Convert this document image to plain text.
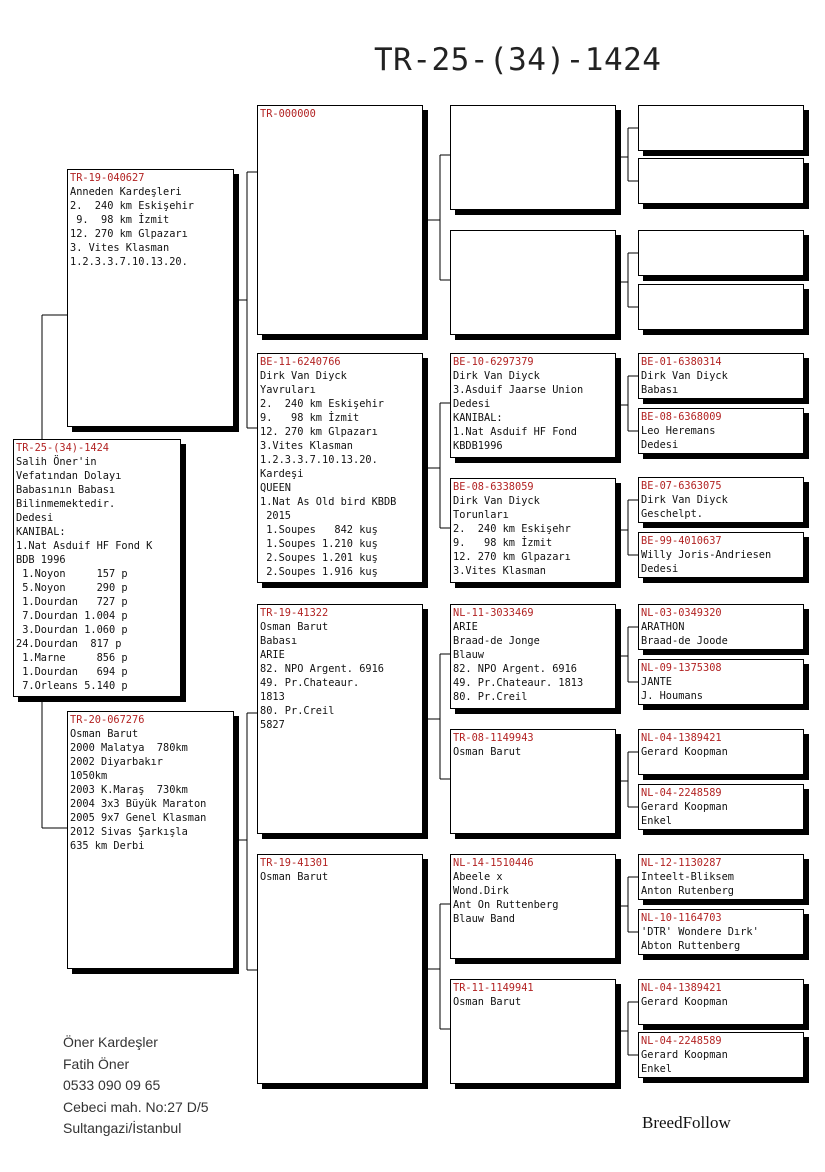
TR-25-(34)-1424
TR-25-(34)-1424
Salih Öner'in
Vefatından Dolayı
Babasının Babası
Bilinmemektedir.
Dedesi
KANIBAL:
1.Nat Asduif HF Fond K
BDB 1996
1.Noyon     157 p
5.Noyon     290 p
1.Dourdan   727 p
7.Dourdan 1.004 p
3.Dourdan 1.060 p
24.Dourdan  817 p
1.Marne     856 p
1.Dourdan   694 p
7.Orleans 5.140 p
TR-19-040627
Anneden Kardeşleri
2.  240 km Eskişehir
9.  98 km İzmit
12. 270 km Glpazarı
3. Vites Klasman
1.2.3.3.7.10.13.20.
TR-20-067276
Osman Barut
2000 Malatya  780km
2002 Diyarbakır
1050km
2003 K.Maraş  730km
2004 3x3 Büyük Maraton
2005 9x7 Genel Klasman
2012 Sivas Şarkışla
635 km Derbi
TR-000000
BE-11-6240766
Dirk Van Diyck
Yavruları
2.  240 km Eskişehir
9.   98 km İzmit
12. 270 km Glpazarı
3.Vites Klasman
1.2.3.3.7.10.13.20.
Kardeşi
QUEEN
1.Nat As Old bird KBDB
2015
1.Soupes   842 kuş
1.Soupes 1.210 kuş
2.Soupes 1.201 kuş
2.Soupes 1.916 kuş
TR-19-41322
Osman Barut
Babası
ARIE
82. NPO Argent. 6916
49. Pr.Chateaur.
1813
80. Pr.Creil
5827
TR-19-41301
Osman Barut
BE-10-6297379
Dirk Van Diyck
3.Asduif Jaarse Union
Dedesi
KANIBAL:
1.Nat Asduif HF Fond
KBDB1996
BE-08-6338059
Dirk Van Diyck
Torunları
2.  240 km Eskişehr
9.   98 km İzmit
12. 270 km Glpazarı
3.Vites Klasman
NL-11-3033469
ARIE
Braad-de Jonge
Blauw
82. NPO Argent. 6916
49. Pr.Chateaur. 1813
80. Pr.Creil
TR-08-1149943
Osman Barut
NL-14-1510446
Abeele x
Wond.Dirk
Ant On Ruttenberg
Blauw Band
TR-11-1149941
Osman Barut
BE-01-6380314
Dirk Van Diyck
Babası
BE-08-6368009
Leo Heremans
Dedesi
BE-07-6363075
Dirk Van Diyck
Geschelpt.
BE-99-4010637
Willy Joris-Andriesen
Dedesi
NL-03-0349320
ARATHON
Braad-de Joode
NL-09-1375308
JANTE
J. Houmans
NL-04-1389421
Gerard Koopman
NL-04-2248589
Gerard Koopman
Enkel
NL-12-1130287
Inteelt-Bliksem
Anton Rutenberg
NL-10-1164703
'DTR' Wondere Dırk'
Abton Ruttenberg
NL-04-1389421
Gerard Koopman
NL-04-2248589
Gerard Koopman
Enkel
Öner Kardeşler
Fatih Öner
0533 090 09 65
Cebeci mah. No:27 D/5
Sultangazi/İstanbul	BreedFollow
